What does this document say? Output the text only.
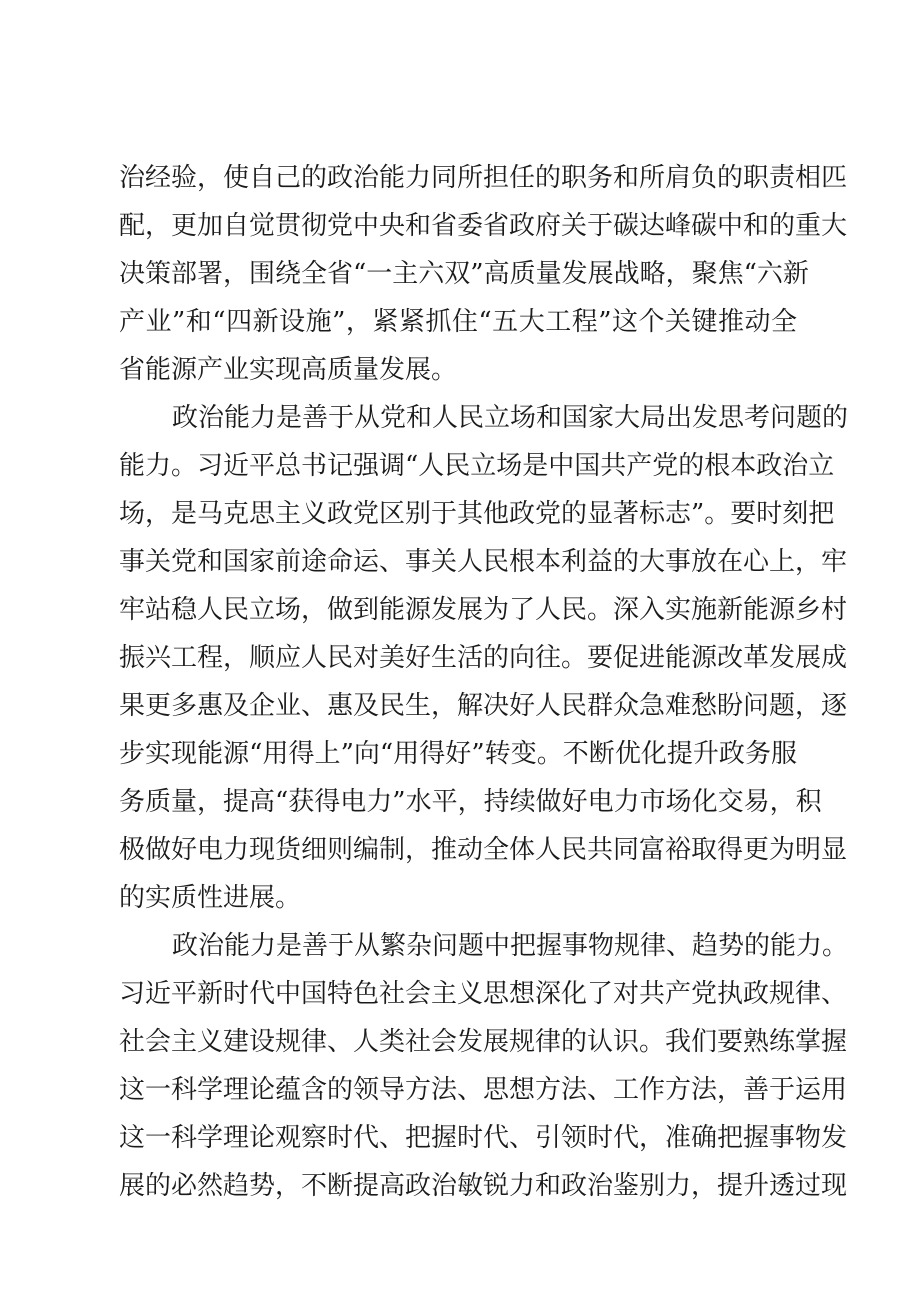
治经验，使自己的政治能力同所担任的职务和所肩负的职责相匹
配，更加自觉贯彻党中央和省委省政府关于碳达峰碳中和的重大
决策部署，围绕全省“一主六双”高质量发展战略，聚焦“六新
产业”和“四新设施”，紧紧抓住“五大工程”这个关键推动全
省能源产业实现高质量发展。
政治能力是善于从党和人民立场和国家大局出发思考问题的
能力。习近平总书记强调“人民立场是中国共产党的根本政治立
场，是马克思主义政党区别于其他政党的显著标志”。要时刻把
事关党和国家前途命运、事关人民根本利益的大事放在心上，牢
牢站稳人民立场，做到能源发展为了人民。深入实施新能源乡村
振兴工程，顺应人民对美好生活的向往。要促进能源改革发展成
果更多惠及企业、惠及民生，解决好人民群众急难愁盼问题，逐
步实现能源“用得上”向“用得好”转变。不断优化提升政务服
务质量，提高“获得电力”水平，持续做好电力市场化交易，积
极做好电力现货细则编制，推动全体人民共同富裕取得更为明显
的实质性进展。
政治能力是善于从繁杂问题中把握事物规律、趋势的能力。
习近平新时代中国特色社会主义思想深化了对共产党执政规律、
社会主义建设规律、人类社会发展规律的认识。我们要熟练掌握
这一科学理论蕴含的领导方法、思想方法、工作方法，善于运用
这一科学理论观察时代、把握时代、引领时代，准确把握事物发
展的必然趋势，不断提高政治敏锐力和政治鉴别力，提升透过现
